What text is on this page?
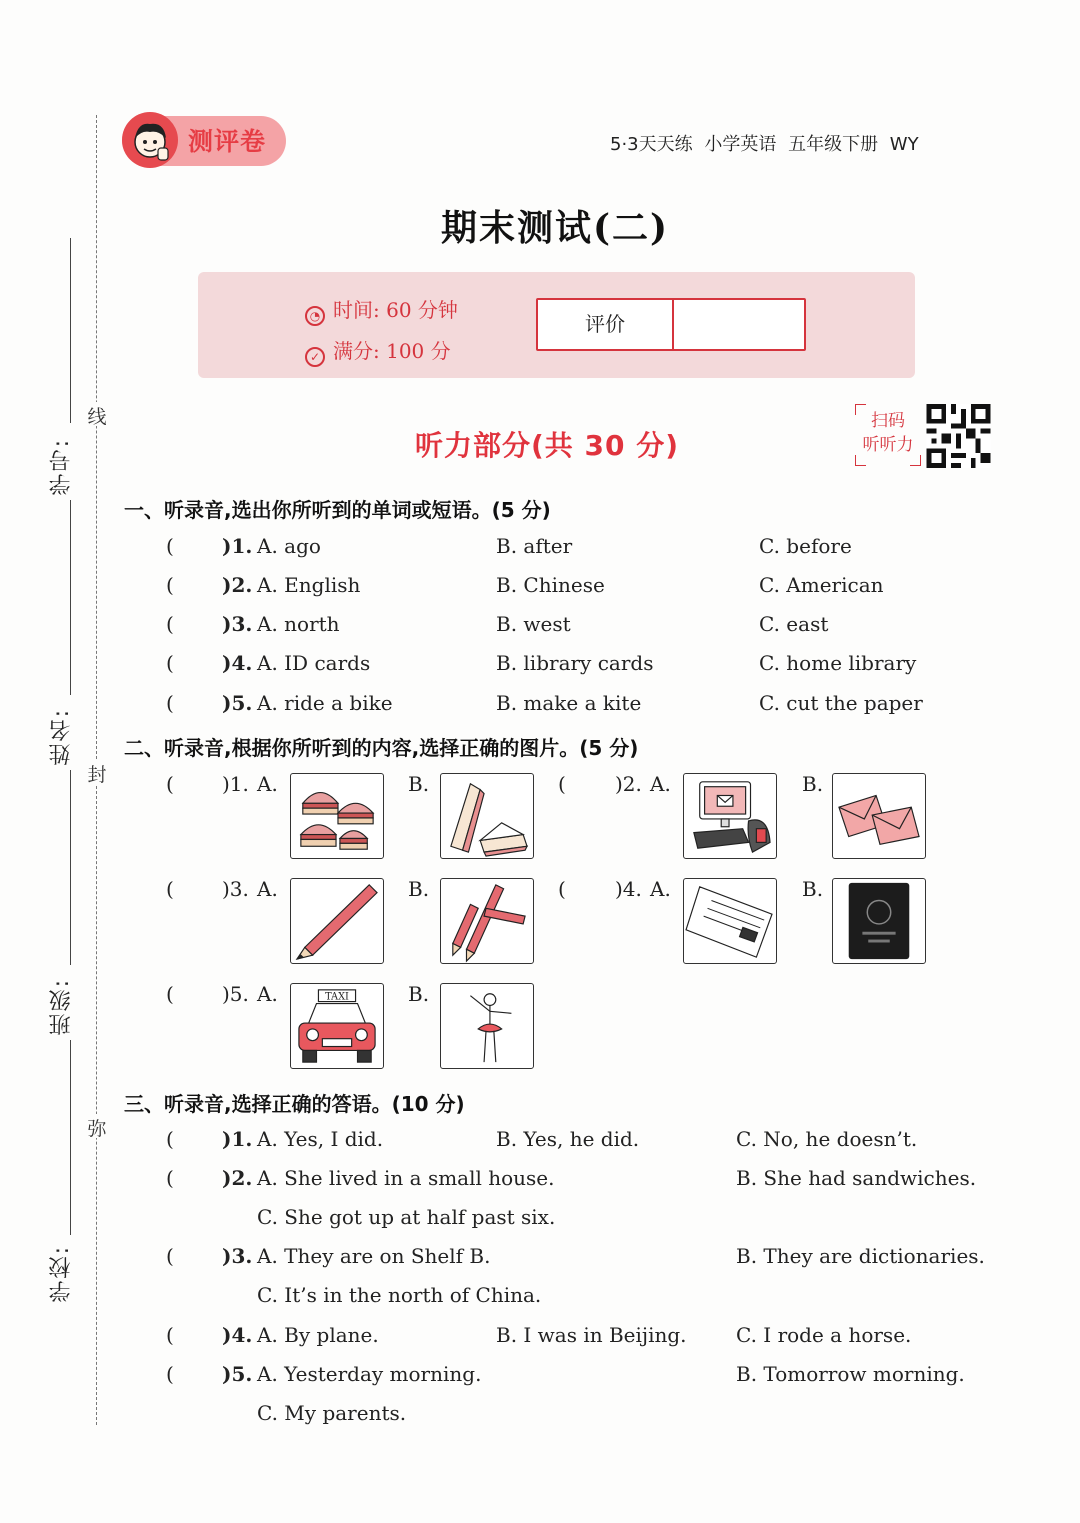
线
封
弥
学号:
姓名:
班级:
学校:
测评卷	5·3天天练 小学英语 五年级下册 WY
期末测试(二)
◔ 时间: 60 分钟
✓ 满分: 100 分
评价
听力部分(共 30 分)
扫码
听听力
一、听录音,选出你所听到的单词或短语。(5 分)
( )1. A. ago	B. after	C. before
( )2. A. English	B. Chinese	C. American
( )3. A. north	B. west	C. east
( )4. A. ID cards	B. library cards	C. home library
( )5. A. ride a bike	B. make a kite	C. cut the paper
二、听录音,根据你所听到的内容,选择正确的图片。(5 分)
( )1. A.	B.	( )2. A.	B.
( )3. A.	B.	( )4. A.	B.
( )5. A.	TAXI	B.
三、听录音,选择正确的答语。(10 分)
( )1. A. Yes, I did.	B. Yes, he did.	C. No, he doesn’t.
( )2. A. She lived in a small house.	B. She had sandwiches.
C. She got up at half past six.
( )3. A. They are on Shelf B.	B. They are dictionaries.
C. It’s in the north of China.
( )4. A. By plane.	B. I was in Beijing. C. I rode a horse.
( )5. A. Yesterday morning.	B. Tomorrow morning.
C. My parents.
